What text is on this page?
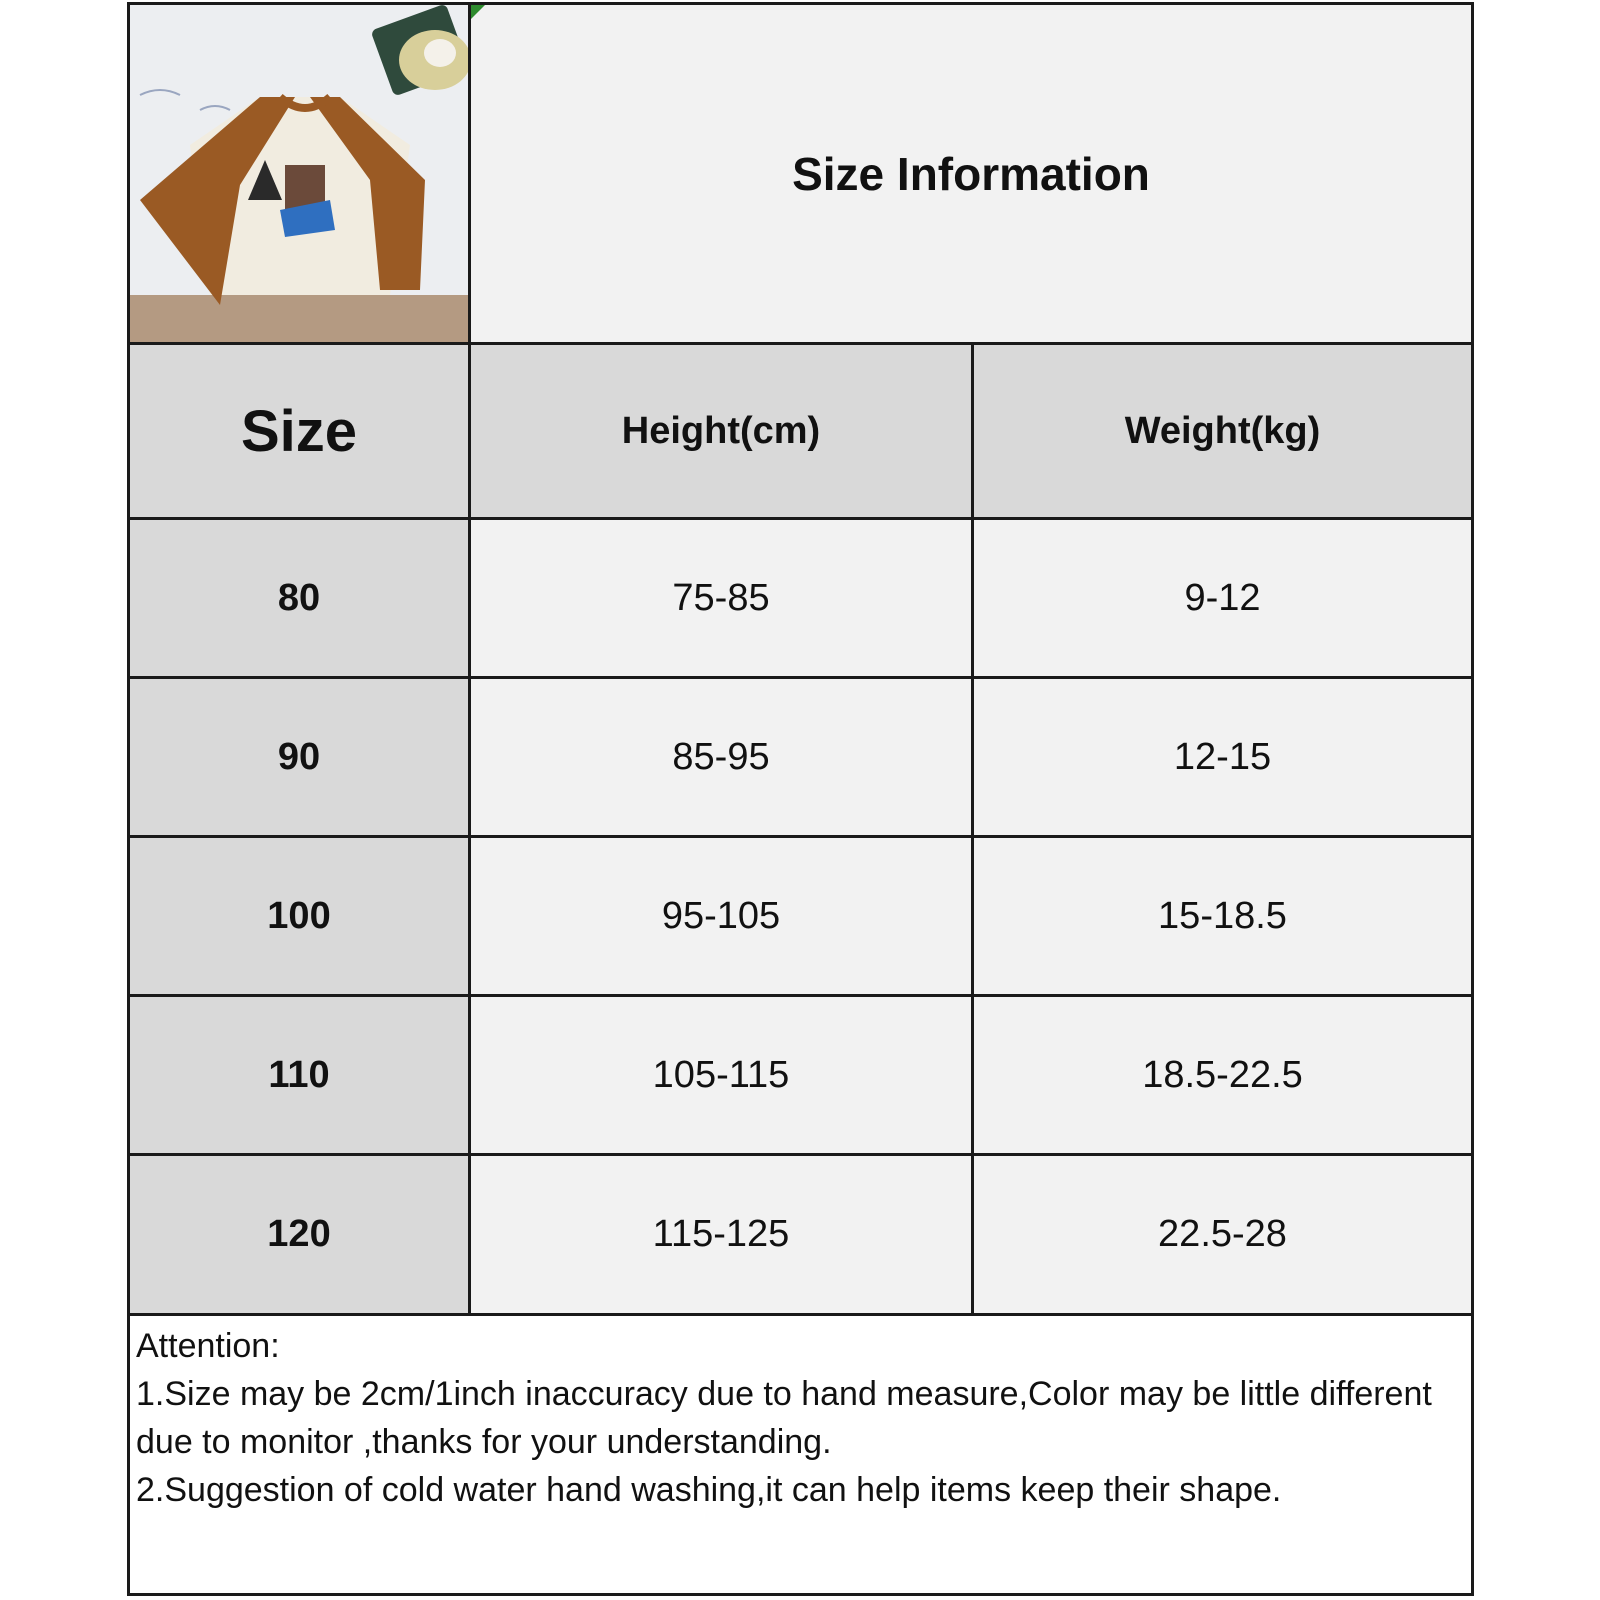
Size Information
Size	Height(cm)	Weight(kg)
80	75-85	9-12
90	85-95	12-15
100	95-105	15-18.5
110	105-115	18.5-22.5
120	115-125	22.5-28
Attention:
1.Size may be 2cm/1inch inaccuracy due to hand measure,Color may be little different due to monitor ,thanks for your understanding.
2.Suggestion of cold water hand washing,it can help items keep their shape.
